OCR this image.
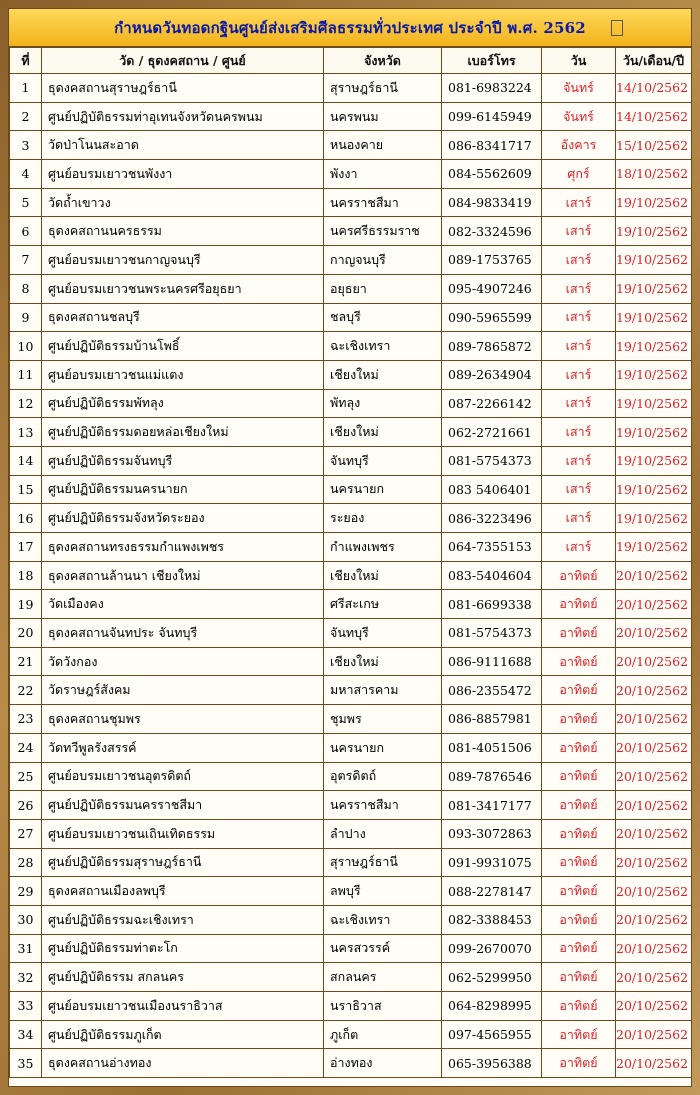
กำหนดวันทอดกฐินศูนย์ส่งเสริมศีลธรรมทั่วประเทศ ประจำปี พ.ศ. 2562
ที่	วัด / ธุดงคสถาน / ศูนย์	จังหวัด	เบอร์โทร	วัน	วัน/เดือน/ปี
1	ธุดงคสถานสุราษฎร์ธานี	สุราษฎร์ธานี	081-6983224	จันทร์	14/10/2562
2	ศูนย์ปฏิบัติธรรมท่าอุเทนจังหวัดนครพนม	นครพนม	099-6145949	จันทร์	14/10/2562
3	วัดป่าโนนสะอาด	หนองคาย	086-8341717	อังคาร	15/10/2562
4	ศูนย์อบรมเยาวชนพังงา	พังงา	084-5562609	ศุกร์	18/10/2562
5	วัดถ้ำเขาวง	นครราชสีมา	084-9833419	เสาร์	19/10/2562
6	ธุดงคสถานนครธรรม	นครศรีธรรมราช	082-3324596	เสาร์	19/10/2562
7	ศูนย์อบรมเยาวชนกาญจนบุรี	กาญจนบุรี	089-1753765	เสาร์	19/10/2562
8	ศูนย์อบรมเยาวชนพระนครศรีอยุธยา	อยุธยา	095-4907246	เสาร์	19/10/2562
9	ธุดงคสถานชลบุรี	ชลบุรี	090-5965599	เสาร์	19/10/2562
10	ศูนย์ปฏิบัติธรรมบ้านโพธิ์	ฉะเชิงเทรา	089-7865872	เสาร์	19/10/2562
11	ศูนย์อบรมเยาวชนแม่แตง	เชียงใหม่	089-2634904	เสาร์	19/10/2562
12	ศูนย์ปฏิบัติธรรมพัทลุง	พัทลุง	087-2266142	เสาร์	19/10/2562
13	ศูนย์ปฏิบัติธรรมดอยหล่อเชียงใหม่	เชียงใหม่	062-2721661	เสาร์	19/10/2562
14	ศูนย์ปฏิบัติธรรมจันทบุรี	จันทบุรี	081-5754373	เสาร์	19/10/2562
15	ศูนย์ปฏิบัติธรรมนครนายก	นครนายก	083 5406401	เสาร์	19/10/2562
16	ศูนย์ปฏิบัติธรรมจังหวัดระยอง	ระยอง	086-3223496	เสาร์	19/10/2562
17	ธุดงคสถานทรงธรรมกำแพงเพชร	กำแพงเพชร	064-7355153	เสาร์	19/10/2562
18	ธุดงคสถานล้านนา เชียงใหม่	เชียงใหม่	083-5404604	อาทิตย์	20/10/2562
19	วัดเมืองคง	ศรีสะเกษ	081-6699338	อาทิตย์	20/10/2562
20	ธุดงคสถานจันทประ จันทบุรี	จันทบุรี	081-5754373	อาทิตย์	20/10/2562
21	วัดวังกอง	เชียงใหม่	086-9111688	อาทิตย์	20/10/2562
22	วัดราษฎร์สังคม	มหาสารคาม	086-2355472	อาทิตย์	20/10/2562
23	ธุดงคสถานชุมพร	ชุมพร	086-8857981	อาทิตย์	20/10/2562
24	วัดทวีพูลรังสรรค์	นครนายก	081-4051506	อาทิตย์	20/10/2562
25	ศูนย์อบรมเยาวชนอุตรดิตถ์	อุตรดิตถ์	089-7876546	อาทิตย์	20/10/2562
26	ศูนย์ปฏิบัติธรรมนครราชสีมา	นครราชสีมา	081-3417177	อาทิตย์	20/10/2562
27	ศูนย์อบรมเยาวชนเถินเทิดธรรม	ลำปาง	093-3072863	อาทิตย์	20/10/2562
28	ศูนย์ปฏิบัติธรรมสุราษฎร์ธานี	สุราษฎร์ธานี	091-9931075	อาทิตย์	20/10/2562
29	ธุดงคสถานเมืองลพบุรี	ลพบุรี	088-2278147	อาทิตย์	20/10/2562
30	ศูนย์ปฏิบัติธรรมฉะเชิงเทรา	ฉะเชิงเทรา	082-3388453	อาทิตย์	20/10/2562
31	ศูนย์ปฏิบัติธรรมท่าตะโก	นครสวรรค์	099-2670070	อาทิตย์	20/10/2562
32	ศูนย์ปฏิบัติธรรม สกลนคร	สกลนคร	062-5299950	อาทิตย์	20/10/2562
33	ศูนย์อบรมเยาวชนเมืองนราธิวาส	นราธิวาส	064-8298995	อาทิตย์	20/10/2562
34	ศูนย์ปฏิบัติธรรมภูเก็ต	ภูเก็ต	097-4565955	อาทิตย์	20/10/2562
35	ธุดงคสถานอ่างทอง	อ่างทอง	065-3956388	อาทิตย์	20/10/2562
